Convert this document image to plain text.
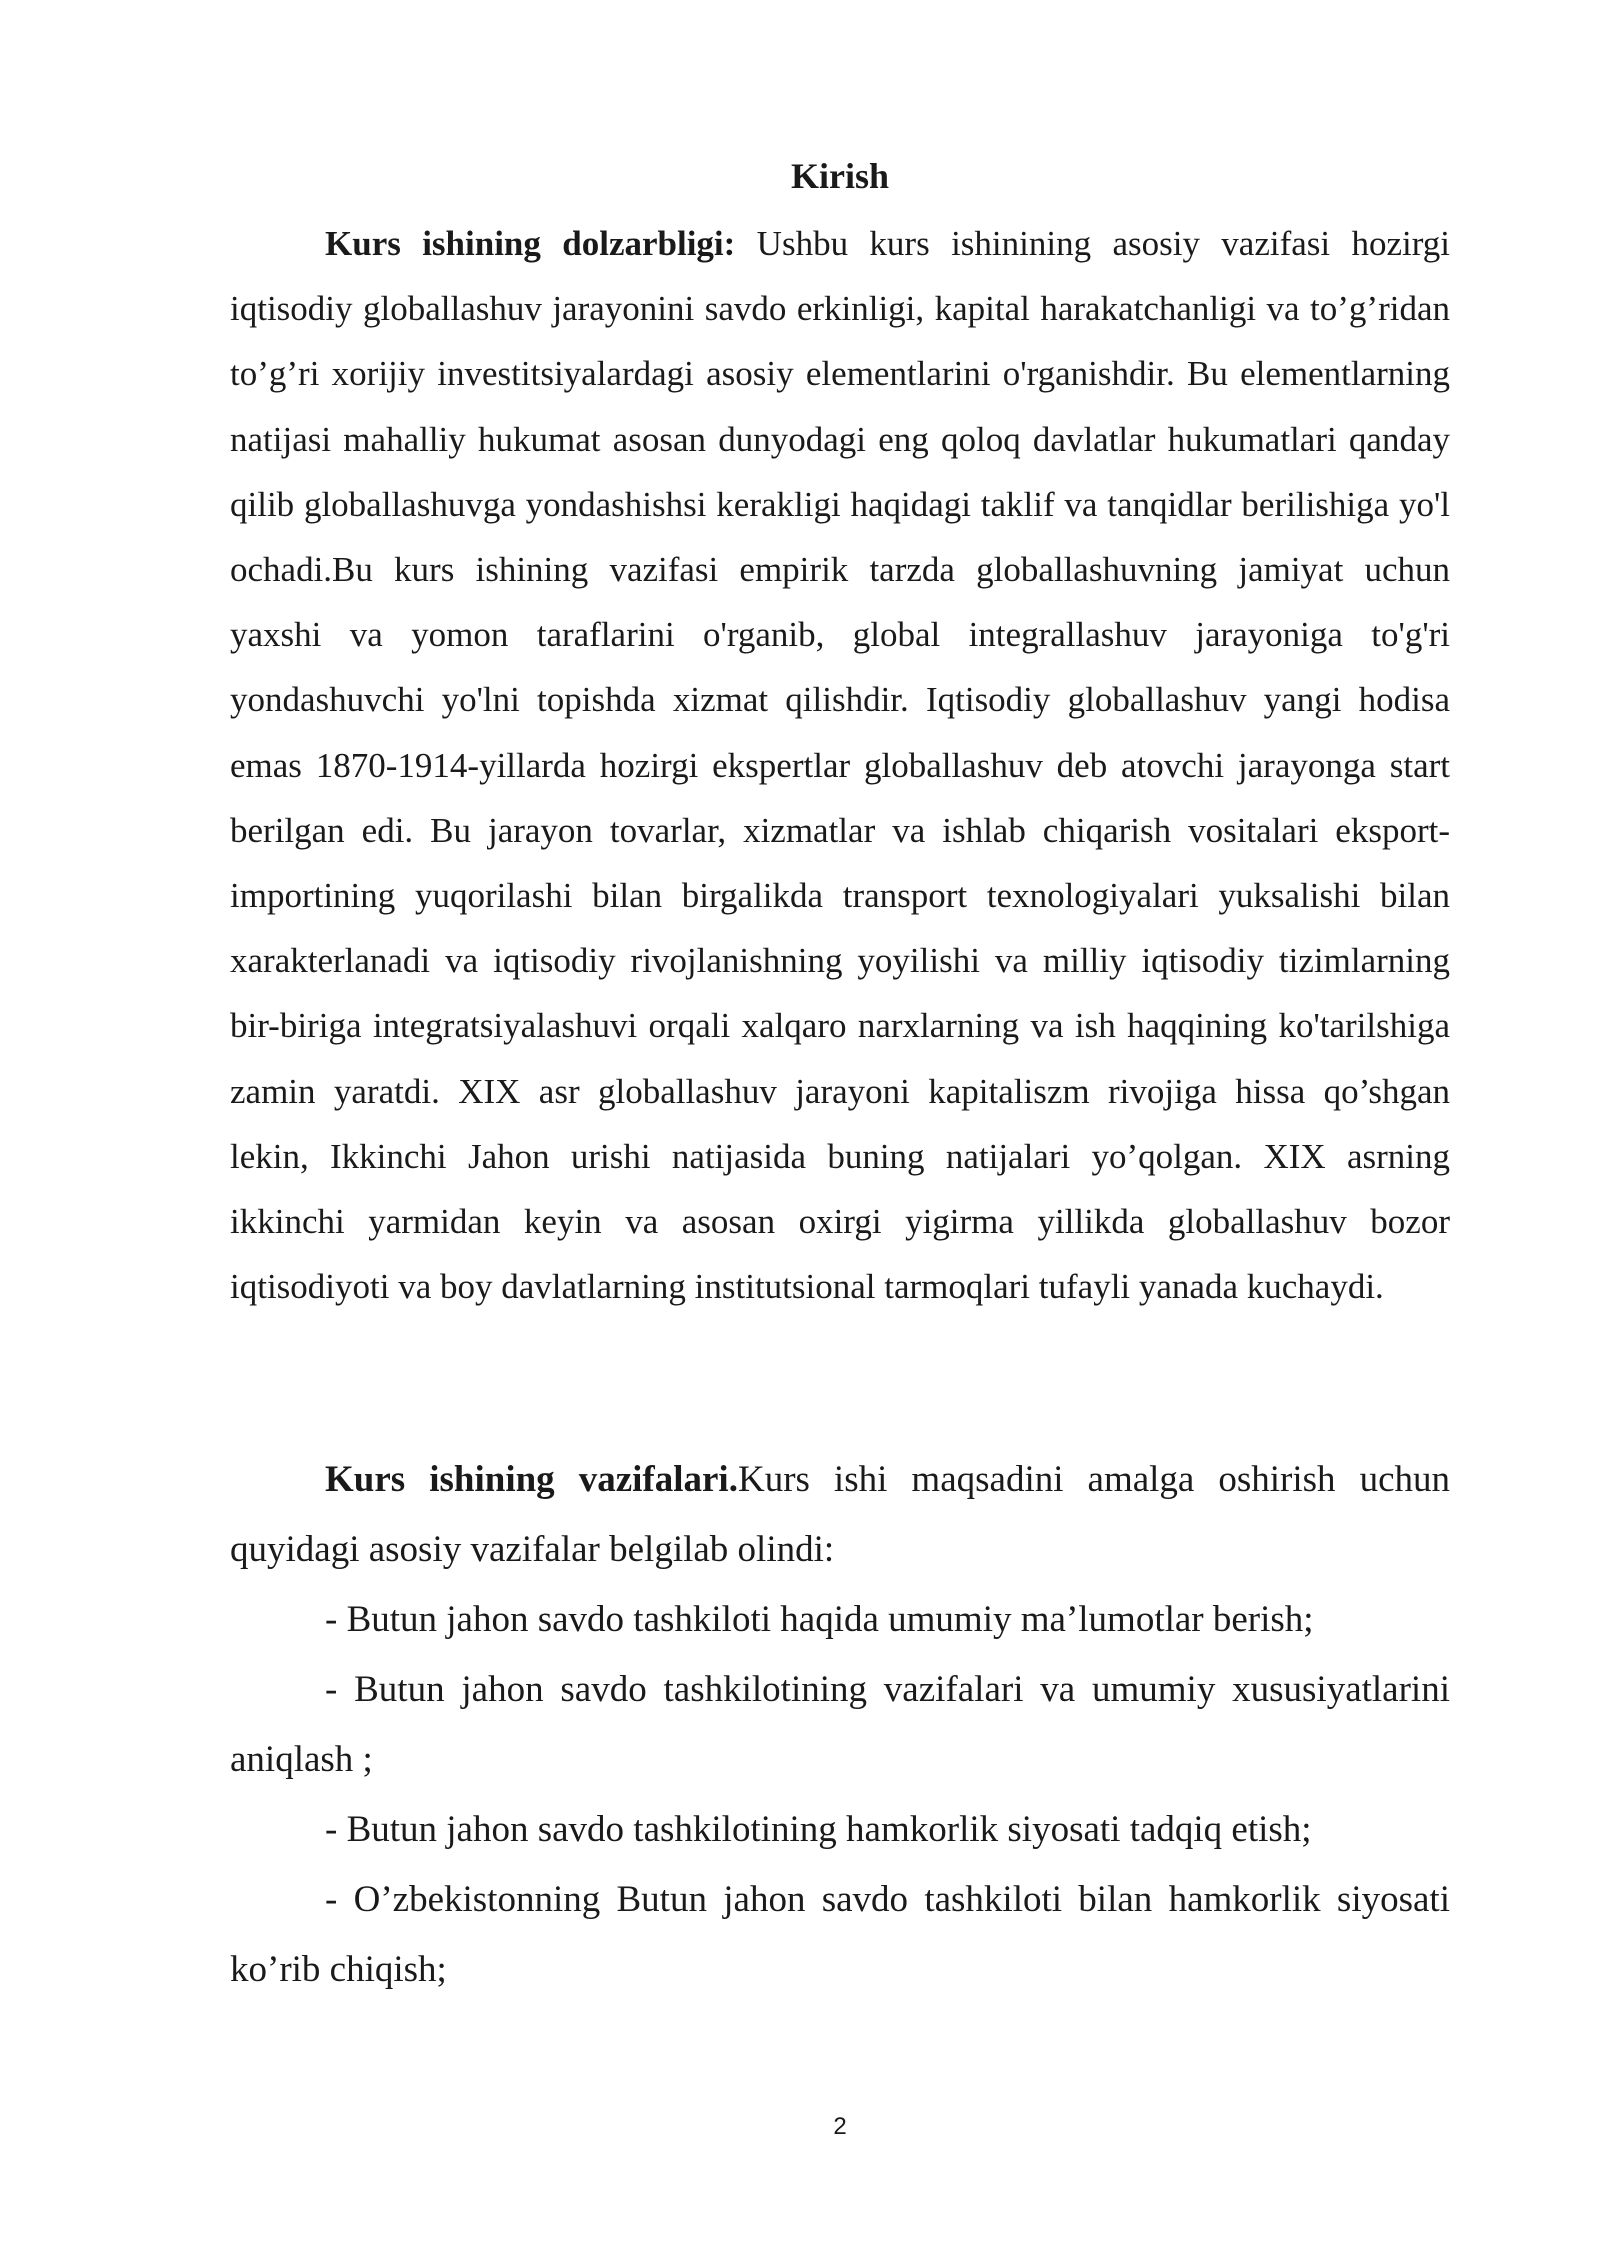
Kirish

Kurs ishining dolzarbligi: Ushbu kurs ishinining asosiy vazifasi hozirgi iqtisodiy globallashuv jarayonini savdo erkinligi, kapital harakatchanligi va to’g’ridan to’g’ri xorijiy investitsiyalardagi asosiy elementlarini o'rganishdir. Bu elementlarning natijasi mahalliy hukumat asosan dunyodagi eng qoloq davlatlar hukumatlari qanday qilib globallashuvga yondashishsi kerakligi haqidagi taklif va tanqidlar berilishiga yo'l ochadi.Bu kurs ishining vazifasi empirik tarzda globallashuvning jamiyat uchun yaxshi va yomon taraflarini o'rganib, global integrallashuv jarayoniga to'g'ri yondashuvchi yo'lni topishda xizmat qilishdir. Iqtisodiy globallashuv yangi hodisa emas 1870-1914-yillarda hozirgi ekspertlar globallashuv deb atovchi jarayonga start berilgan edi. Bu jarayon tovarlar, xizmatlar va ishlab chiqarish vositalari eksport-importining yuqorilashi bilan birgalikda transport texnologiyalari yuksalishi bilan xarakterlanadi va iqtisodiy rivojlanishning yoyilishi va milliy iqtisodiy tizimlarning bir-biriga integratsiyalashuvi orqali xalqaro narxlarning va ish haqqining ko'tarilshiga zamin yaratdi. XIX asr globallashuv jarayoni kapitaliszm rivojiga hissa qo’shgan lekin, Ikkinchi Jahon urishi natijasida buning natijalari yo’qolgan. XIX asrning ikkinchi yarmidan keyin va asosan oxirgi yigirma yillikda globallashuv bozor iqtisodiyoti va boy davlatlarning institutsional tarmoqlari tufayli yanada kuchaydi.

Kurs ishining vazifalari.Kurs ishi maqsadini amalga oshirish uchun quyidagi asosiy vazifalar belgilab olindi:

- Butun jahon savdo tashkiloti haqida umumiy ma’lumotlar berish;
- Butun jahon savdo tashkilotining vazifalari va umumiy xususiyatlarini aniqlash ;
- Butun jahon savdo tashkilotining hamkorlik siyosati tadqiq etish;
- O’zbekistonning Butun jahon savdo tashkiloti bilan hamkorlik siyosati ko’rib chiqish;
2
